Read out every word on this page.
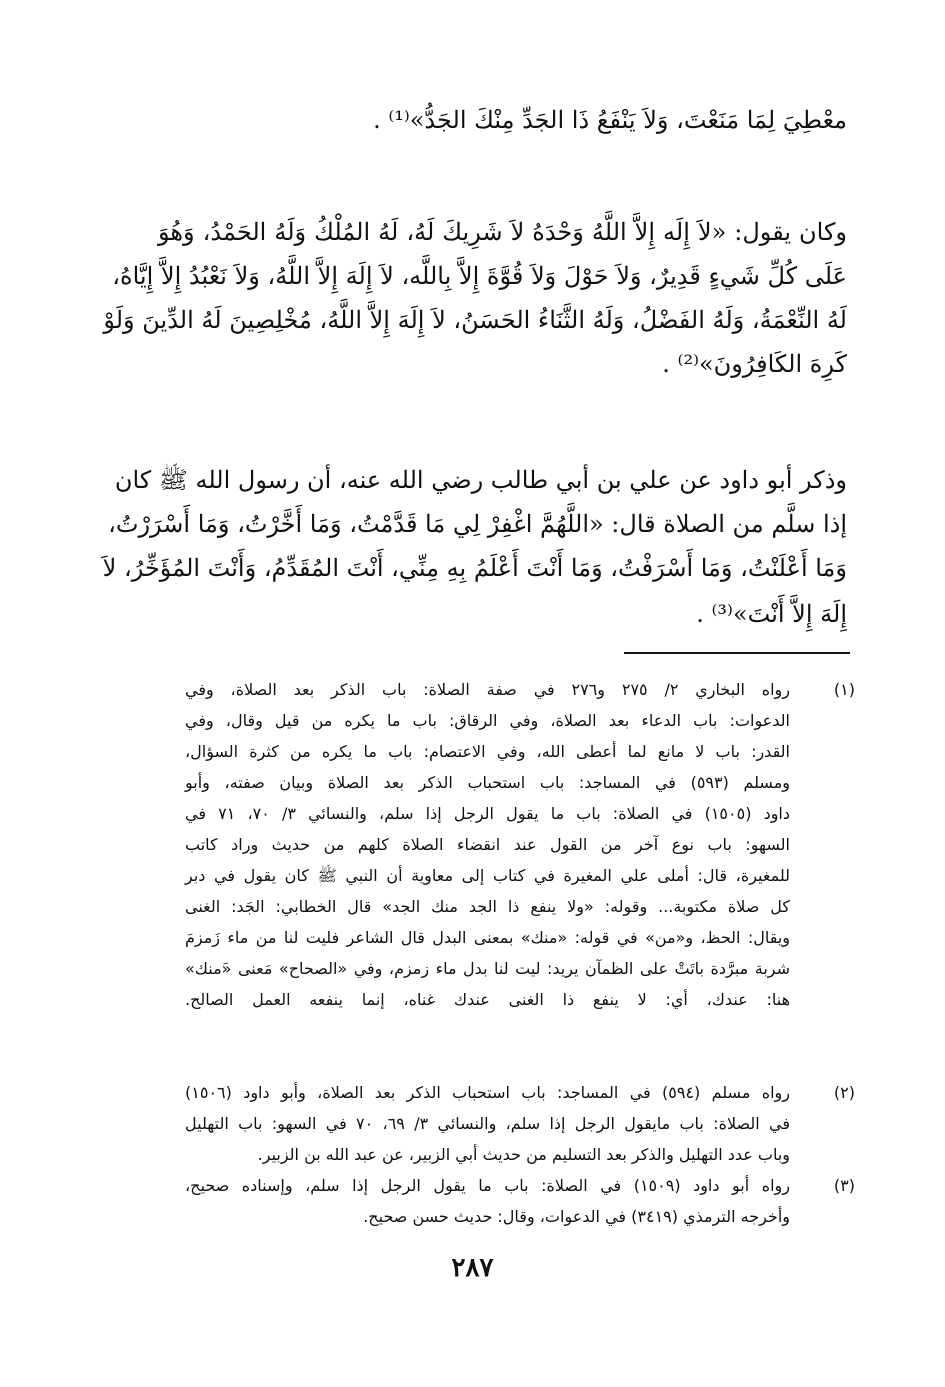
معْطِيَ لِمَا مَنَعْتَ، وَلاَ يَنْفَعُ ذَا الجَدِّ مِنْكَ الجَدُّ»⁽¹⁾ .
وكان يقول: «لاَ إِلَه إِلاَّ اللَّهُ وَحْدَهُ لاَ شَرِيكَ لَهُ، لَهُ المُلْكُ وَلَهُ الحَمْدُ، وَهُوَ
عَلَى كُلِّ شَيءٍ قَدِيرٌ، وَلاَ حَوْلَ وَلاَ قُوَّةَ إِلاَّ بِاللَّه، لاَ إِلَهَ إِلاَّ اللَّهُ، وَلاَ نَعْبُدُ إِلاَّ إِيَّاهُ،
لَهُ النِّعْمَةُ، وَلَهُ الفَضْلُ، وَلَهُ الثَّنَاءُ الحَسَنُ، لاَ إِلَهَ إِلاَّ اللَّهُ، مُخْلِصِينَ لَهُ الدِّينَ وَلَوْ
كَرِهَ الكَافِرُونَ»⁽²⁾ .
وذكر أبو داود عن علي بن أبي طالب رضي الله عنه، أن رسول الله ﷺ كان
إذا سلَّم من الصلاة قال: «اللَّهُمَّ اغْفِرْ لِي مَا قَدَّمْتُ، وَمَا أَخَّرْتُ، وَمَا أَسْرَرْتُ،
وَمَا أَعْلَنْتُ، وَمَا أَسْرَفْتُ، وَمَا أَنْتَ أَعْلَمُ بِهِ مِنِّي، أَنْتَ المُقَدِّمُ، وَأَنْتَ المُؤَخِّرُ، لاَ
إِلَهَ إِلاَّ أَنْتَ»⁽³⁾ .
(١)
رواه البخاري ٢/ ٢٧٥ و٢٧٦ في صفة الصلاة: باب الذكر بعد الصلاة، وفي
الدعوات: باب الدعاء بعد الصلاة، وفي الرقاق: باب ما يكره من قيل وقال، وفي
القدر: باب لا مانع لما أعطى الله، وفي الاعتصام: باب ما يكره من كثرة السؤال،
ومسلم (٥٩٣) في المساجد: باب استحباب الذكر بعد الصلاة وبيان صفته، وأبو
داود (١٥٠٥) في الصلاة: باب ما يقول الرجل إذا سلم، والنسائي ٣/ ٧٠، ٧١ في
السهو: باب نوع آخر من القول عند انقضاء الصلاة كلهم من حديث وراد كاتب
للمغيرة، قال: أملى علي المغيرة في كتاب إلى معاوية أن النبي ﷺ كان يقول في دبر
كل صلاة مكتوبة... وقوله: «ولا ينفع ذا الجد منك الجد» قال الخطابي: الجَد: الغنى
ويقال: الحظ، و«من» في قوله: «منك» بمعنى البدل قال الشاعر فليت لنا من ماء زَمزمَ
شربة مبرَّدة باتَتْ على الظمآن يريد: ليت لنا بدل ماء زمزم، وفي «الصحاح» مَعنى «َمنك»
هنا: عندك، أي: لا ينفع ذا الغنى عندك غناه، إنما ينفعه العمل الصالح.
(٢)
رواه مسلم (٥٩٤) في المساجد: باب استحباب الذكر بعد الصلاة، وأبو داود (١٥٠٦)
في الصلاة: باب مايقول الرجل إذا سلم، والنسائي ٣/ ٦٩، ٧٠ في السهو: باب التهليل
وباب عدد التهليل والذكر بعد التسليم من حديث أبي الزبير، عن عبد الله بن الزبير.
(٣)
رواه أبو داود (١٥٠٩) في الصلاة: باب ما يقول الرجل إذا سلم، وإسناده صحيح،
وأخرجه الترمذي (٣٤١٩) في الدعوات، وقال: حديث حسن صحيح.
٢٨٧
